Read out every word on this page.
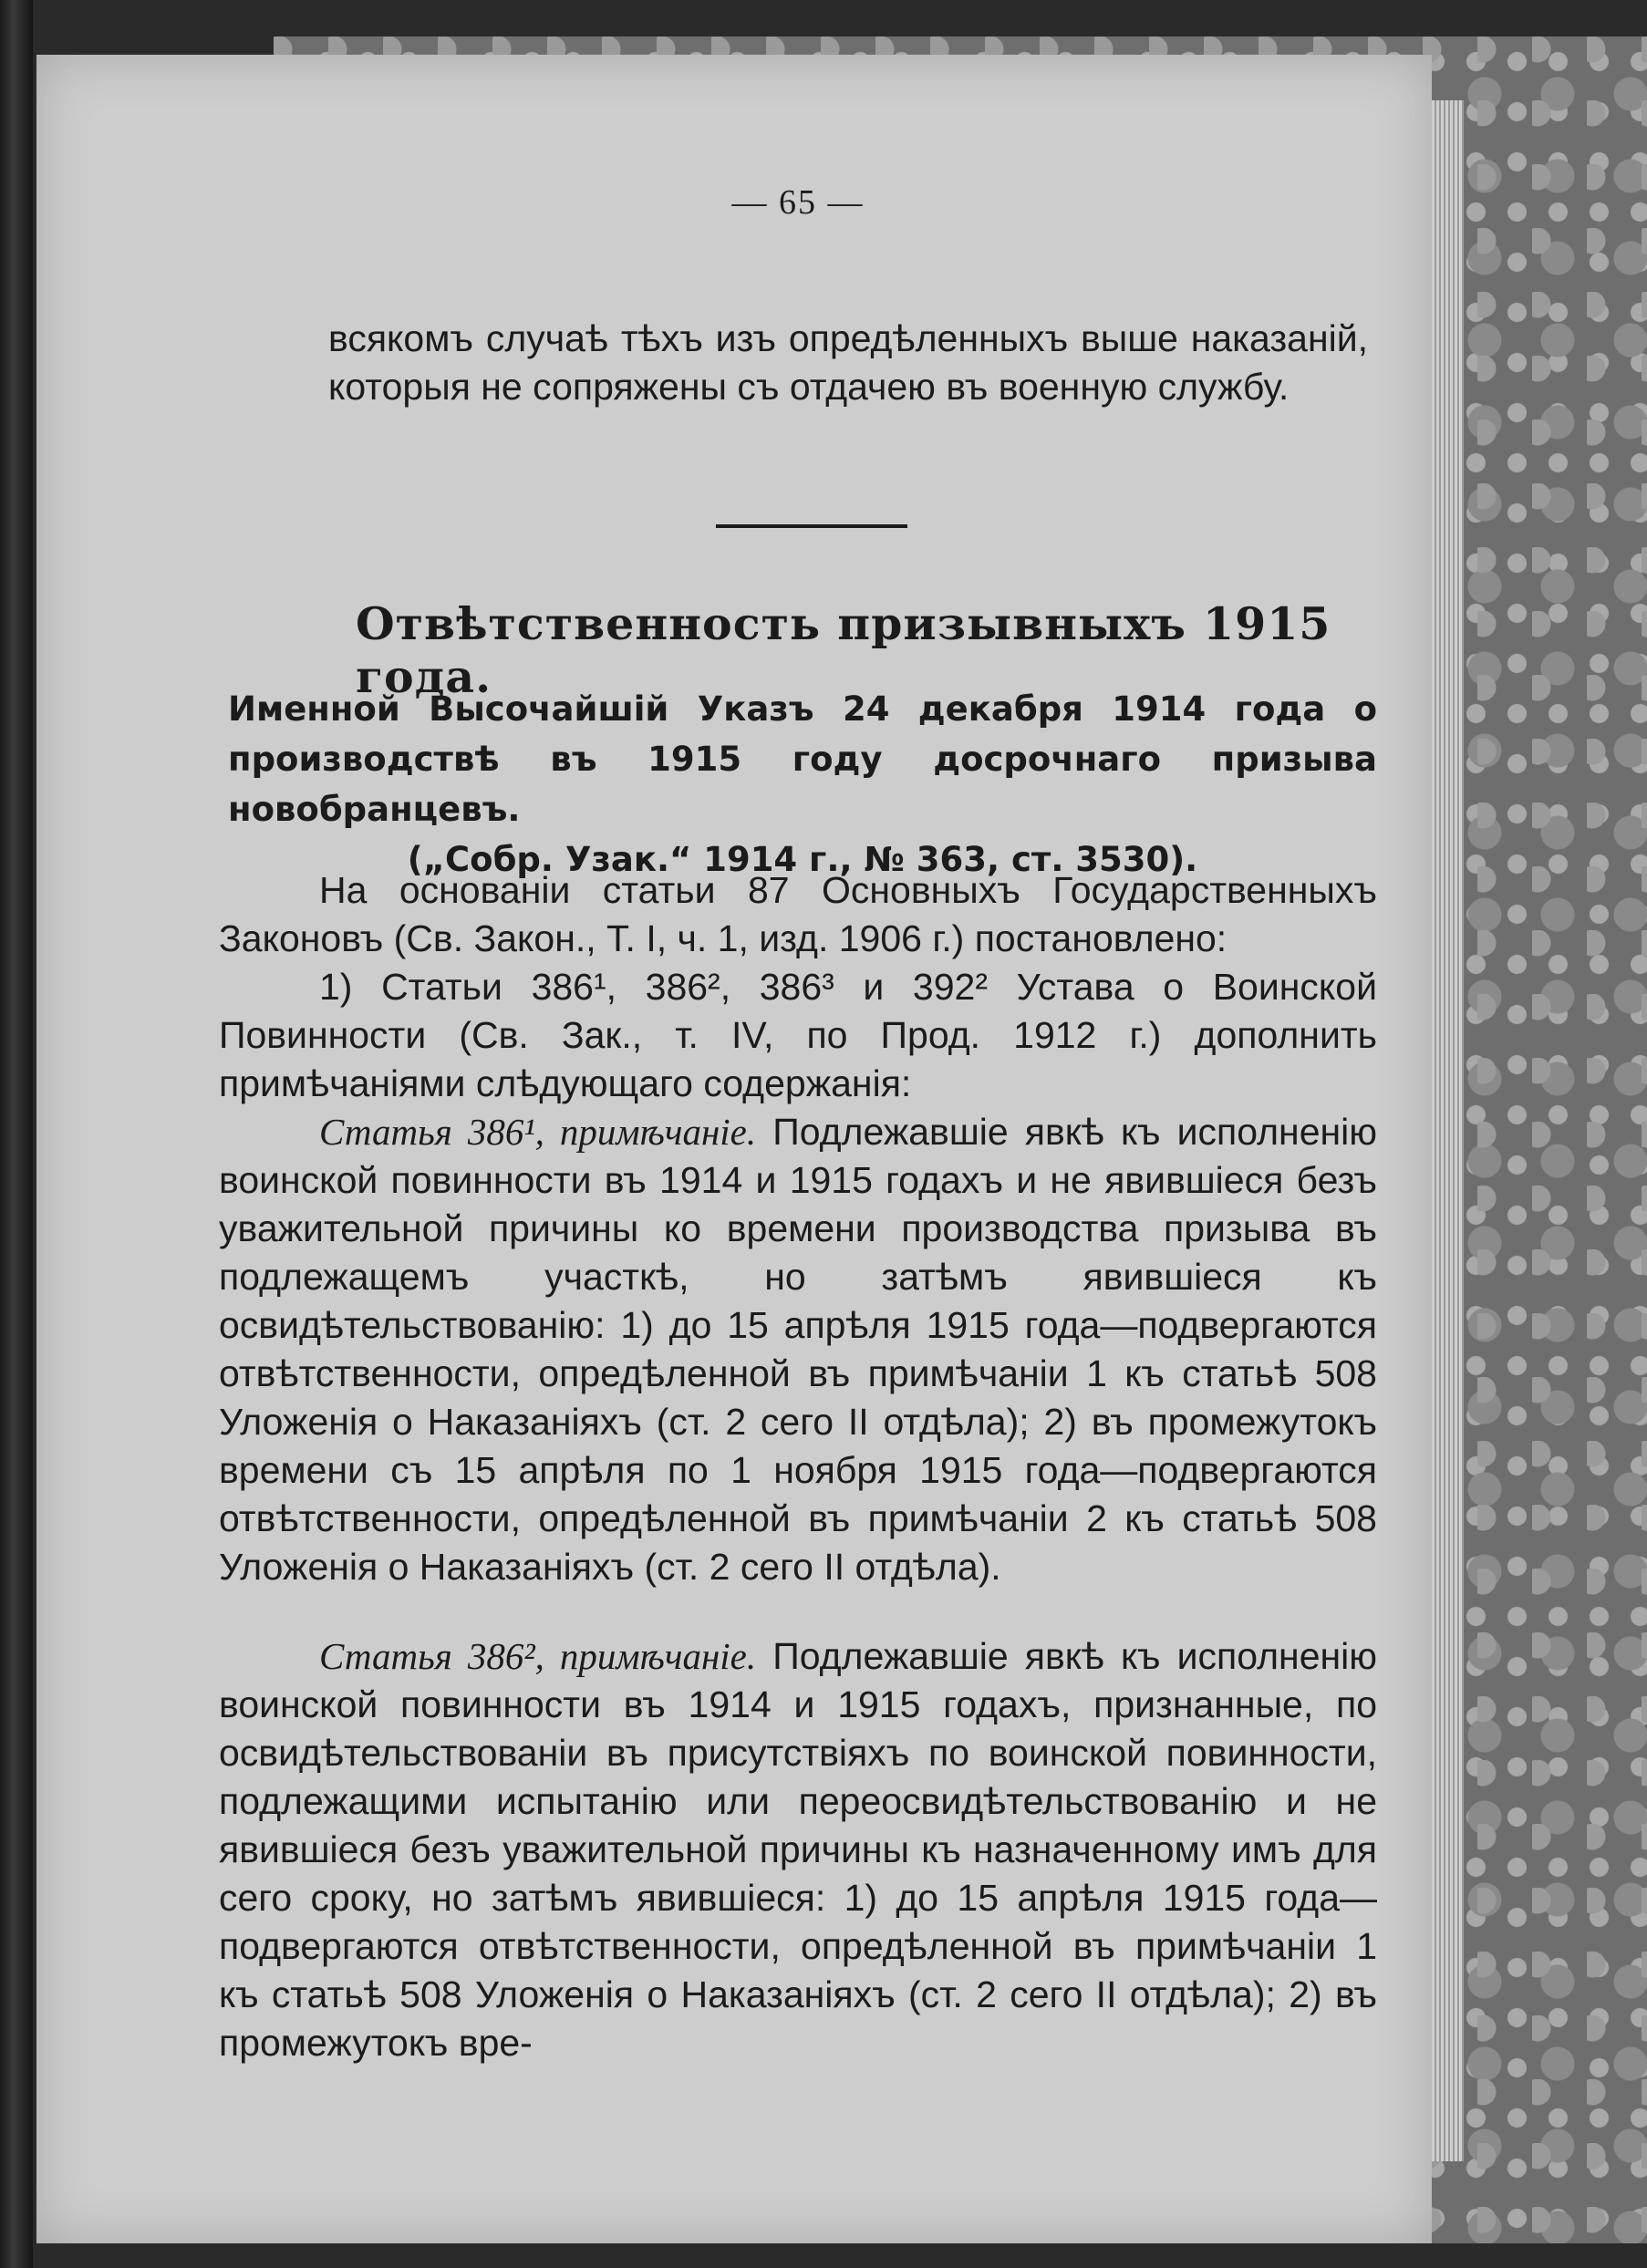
— 65 —
всякомъ случаѣ тѣхъ изъ опредѣленныхъ выше наказаній, которыя не сопряжены съ отдачею въ военную службу.
Отвѣтственность призывныхъ 1915 года.
Именной Высочайшій Указъ 24 декабря 1914 года о производствѣ въ 1915 году досрочнаго призыва новобранцевъ.
(„Собр. Узак.“ 1914 г., № 363, ст. 3530).

На основаніи статьи 87 Основныхъ Государственныхъ Законовъ (Св. Закон., Т. I, ч. 1, изд. 1906 г.) постановлено:

1) Статьи 386¹, 386², 386³ и 392² Устава о Воинской Повинности (Св. Зак., т. IV, по Прод. 1912 г.) дополнить примѣчаніями слѣдующаго содержанія:

Статья 386¹, примѣчаніе. Подлежавшіе явкѣ къ исполненію воинской повинности въ 1914 и 1915 годахъ и не явившіеся безъ уважительной причины ко времени производства призыва въ подлежащемъ участкѣ, но затѣмъ явившіеся къ освидѣтельствованію: 1) до 15 апрѣля 1915 года—подвергаются отвѣтственности, опредѣленной въ примѣчаніи 1 къ статьѣ 508 Уложенія о Наказаніяхъ (ст. 2 сего II отдѣла); 2) въ промежутокъ времени съ 15 апрѣля по 1 ноября 1915 года—подвергаются отвѣтственности, опредѣленной въ примѣчаніи 2 къ статьѣ 508 Уложенія о Наказаніяхъ (ст. 2 сего II отдѣла).

Статья 386², примѣчаніе. Подлежавшіе явкѣ къ исполненію воинской повинности въ 1914 и 1915 годахъ, признанные, по освидѣтельствованіи въ присутствіяхъ по воинской повинности, подлежащими испытанію или переосвидѣтельствованію и не явившіеся безъ уважительной причины къ назначенному имъ для сего сроку, но затѣмъ явившіеся: 1) до 15 апрѣля 1915 года—подвергаются отвѣтственности, опредѣленной въ примѣчаніи 1 къ статьѣ 508 Уложенія о Наказаніяхъ (ст. 2 сего II отдѣла); 2) въ промежутокъ вре-
